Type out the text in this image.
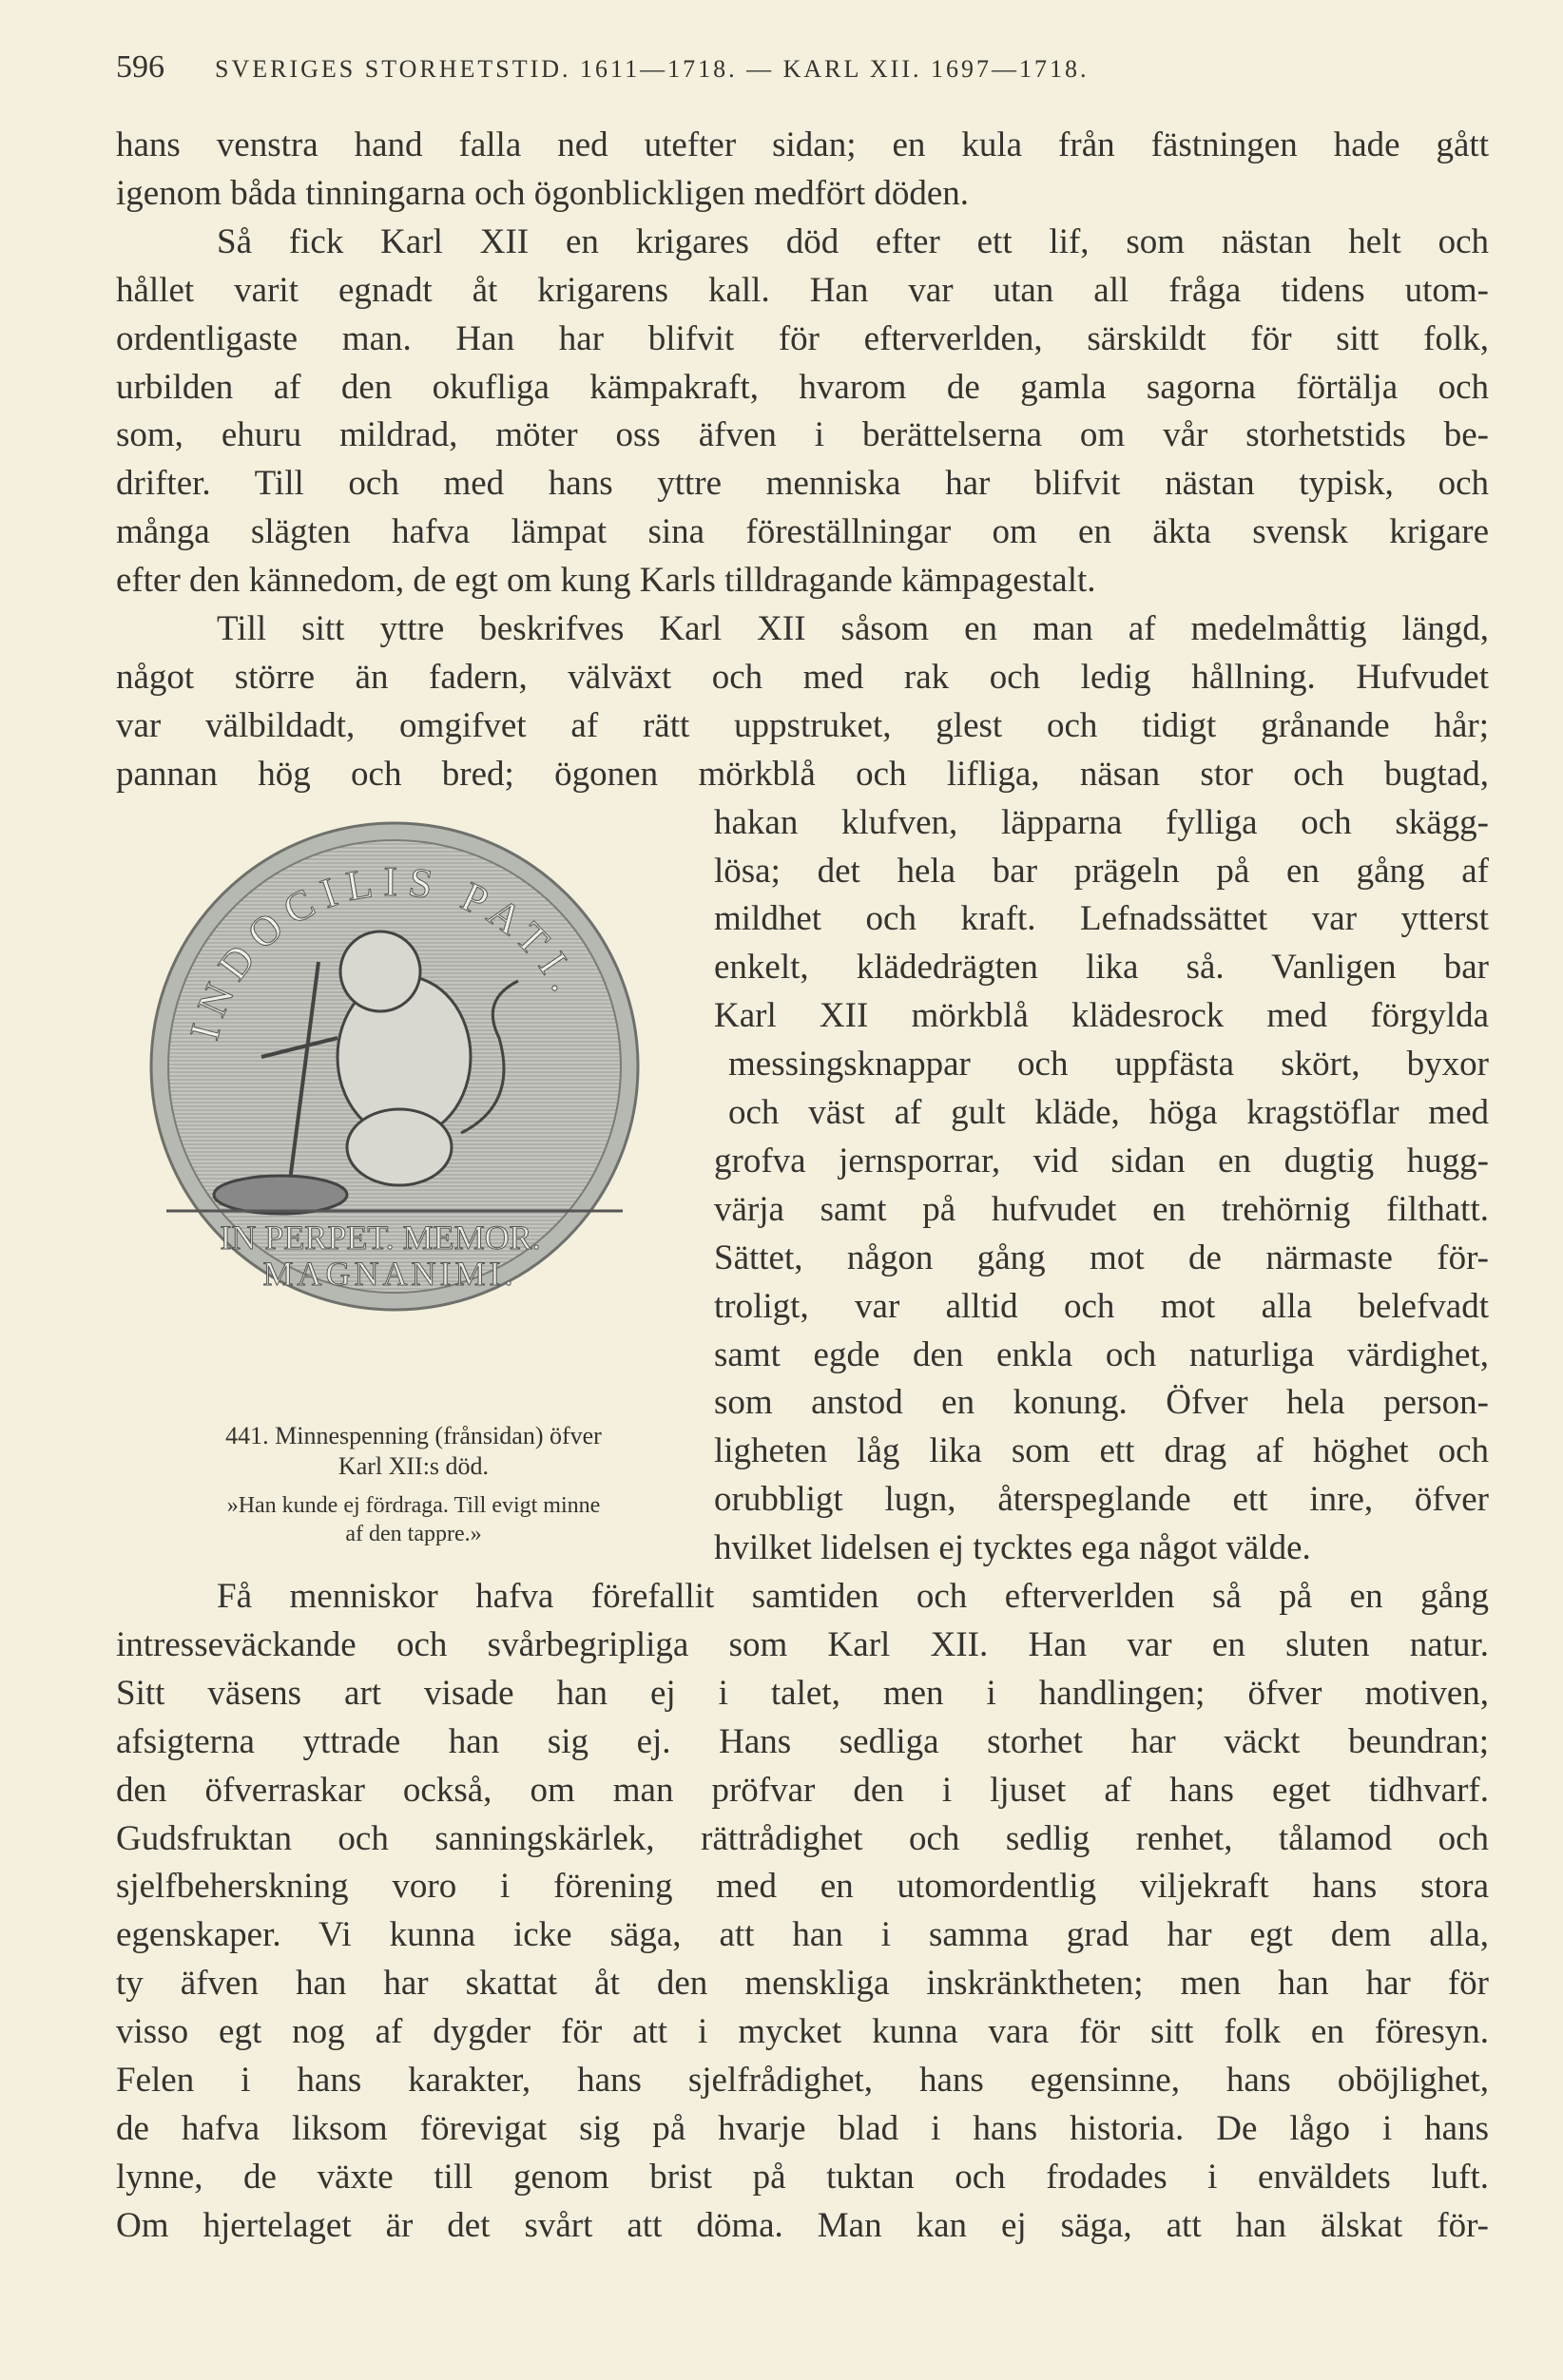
596 SVERIGES STORHETSTID. 1611—1718. — KARL XII. 1697—1718.
hans venstra hand falla ned utefter sidan; en kula från fästningen hade gått
igenom båda tinningarna och ögonblickligen medfört döden.
Så fick Karl XII en krigares död efter ett lif, som nästan helt och
hållet varit egnadt åt krigarens kall. Han var utan all fråga tidens utom-
ordentligaste man. Han har blifvit för efterverlden, särskildt för sitt folk,
urbilden af den okufliga kämpakraft, hvarom de gamla sagorna förtälja och
som, ehuru mildrad, möter oss äfven i berättelserna om vår storhetstids be-
drifter. Till och med hans yttre menniska har blifvit nästan typisk, och
många slägten hafva lämpat sina föreställningar om en äkta svensk krigare
efter den kännedom, de egt om kung Karls tilldragande kämpagestalt.
Till sitt yttre beskrifves Karl XII såsom en man af medelmåttig längd,
något större än fadern, välväxt och med rak och ledig hållning. Hufvudet
var välbildadt, omgifvet af rätt uppstruket, glest och tidigt grånande hår;
pannan hög och bred; ögonen mörkblå och lifliga, näsan stor och bugtad,
hakan klufven, läpparna fylliga och skägg-
lösa; det hela bar prägeln på en gång af
mildhet och kraft. Lefnadssättet var ytterst
enkelt, klädedrägten lika så. Vanligen bar
Karl XII mörkblå klädesrock med förgylda
messingsknappar och uppfästa skört, byxor
och väst af gult kläde, höga kragstöflar med
grofva jernsporrar, vid sidan en dugtig hugg-
värja samt på hufvudet en trehörnig filthatt.
Sättet, någon gång mot de närmaste för-
troligt, var alltid och mot alla belefvadt
samt egde den enkla och naturliga värdighet,
som anstod en konung. Öfver hela person-
ligheten låg lika som ett drag af höghet och
orubbligt lugn, återspeglande ett inre, öfver
hvilket lidelsen ej tycktes ega något välde.
Få menniskor hafva förefallit samtiden och efterverlden så på en gång
intresseväckande och svårbegripliga som Karl XII. Han var en sluten natur.
Sitt väsens art visade han ej i talet, men i handlingen; öfver motiven,
afsigterna yttrade han sig ej. Hans sedliga storhet har väckt beundran;
den öfverraskar också, om man pröfvar den i ljuset af hans eget tidhvarf.
Gudsfruktan och sanningskärlek, rättrådighet och sedlig renhet, tålamod och
sjelfbeherskning voro i förening med en utomordentlig viljekraft hans stora
egenskaper. Vi kunna icke säga, att han i samma grad har egt dem alla,
ty äfven han har skattat åt den menskliga inskränktheten; men han har för
visso egt nog af dygder för att i mycket kunna vara för sitt folk en föresyn.
Felen i hans karakter, hans sjelfrådighet, hans egensinne, hans oböjlighet,
de hafva liksom förevigat sig på hvarje blad i hans historia. De lågo i hans
lynne, de växte till genom brist på tuktan och frodades i enväldets luft.
Om hjertelaget är det svårt att döma. Man kan ej säga, att han älskat för-
INDOCILIS PATI.
IN PERPET. MEMOR.
MAGNANIMI.
441. Minnespenning (frånsidan) öfver
Karl XII:s död.
»Han kunde ej fördraga. Till evigt minne
af den tappre.»
